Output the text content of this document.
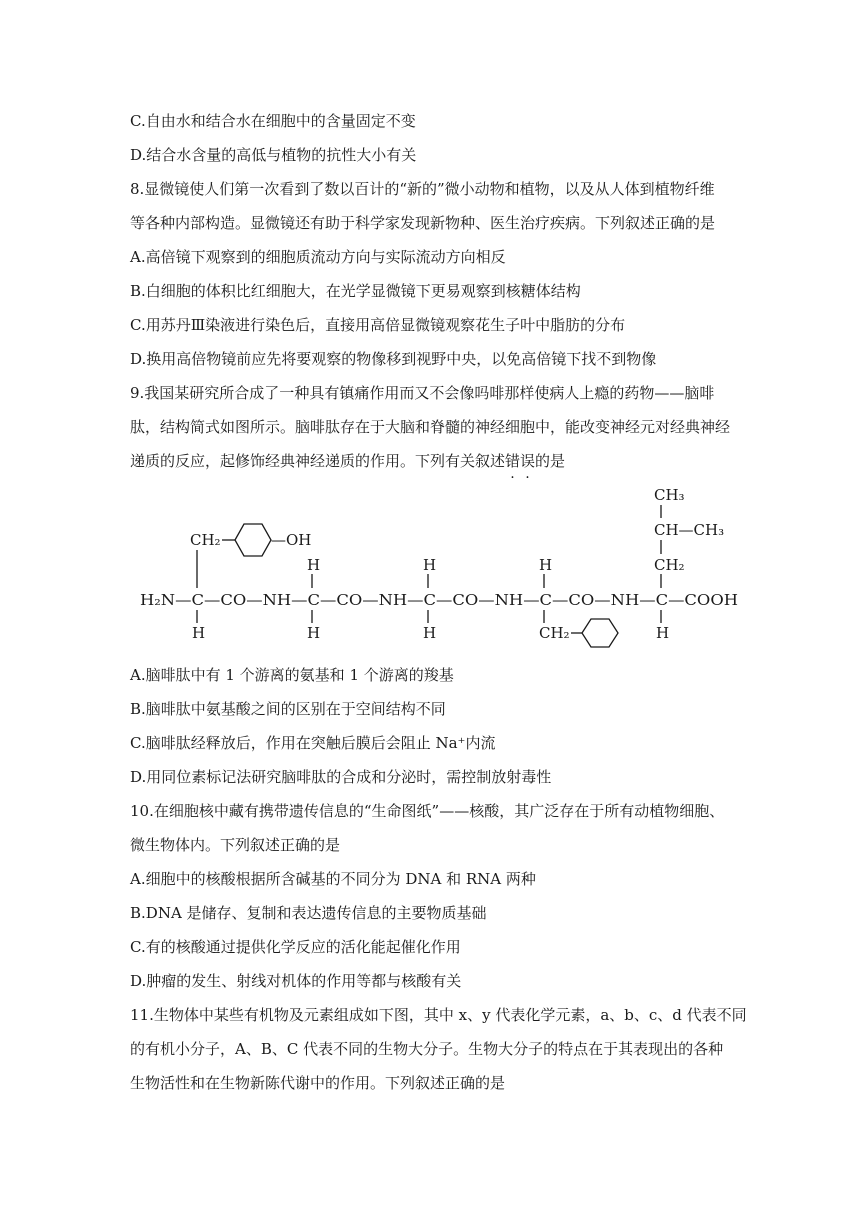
C.自由水和结合水在细胞中的含量固定不变
D.结合水含量的高低与植物的抗性大小有关
8.显微镜使人们第一次看到了数以百计的“新的”微小动物和植物，以及从人体到植物纤维
等各种内部构造。显微镜还有助于科学家发现新物种、医生治疗疾病。下列叙述正确的是
A.高倍镜下观察到的细胞质流动方向与实际流动方向相反
B.白细胞的体积比红细胞大，在光学显微镜下更易观察到核糖体结构
C.用苏丹Ⅲ染液进行染色后，直接用高倍显微镜观察花生子叶中脂肪的分布
D.换用高倍物镜前应先将要观察的物像移到视野中央，以免高倍镜下找不到物像
9.我国某研究所合成了一种具有镇痛作用而又不会像吗啡那样使病人上瘾的药物——脑啡
肽，结构简式如图所示。脑啡肽存在于大脑和脊髓的神经细胞中，能改变神经元对经典神经
递质的反应，起修饰经典神经递质的作用。下列有关叙述错误的是
CH₃
CH—CH₃
CH₂
CH₂	—OH
H	H	H
H₂N—C—CO—NH—C—CO—NH—C—CO—NH—C—CO—NH—C—COOH
H	H	H	CH₂	H
A.脑啡肽中有 1 个游离的氨基和 1 个游离的羧基
B.脑啡肽中氨基酸之间的区别在于空间结构不同
C.脑啡肽经释放后，作用在突触后膜后会阻止 Na⁺内流
D.用同位素标记法研究脑啡肽的合成和分泌时，需控制放射毒性
10.在细胞核中藏有携带遗传信息的“生命图纸”——核酸，其广泛存在于所有动植物细胞、
微生物体内。下列叙述正确的是
A.细胞中的核酸根据所含碱基的不同分为 DNA 和 RNA 两种
B.DNA 是储存、复制和表达遗传信息的主要物质基础
C.有的核酸通过提供化学反应的活化能起催化作用
D.肿瘤的发生、射线对机体的作用等都与核酸有关
11.生物体中某些有机物及元素组成如下图，其中 x、y 代表化学元素，a、b、c、d 代表不同
的有机小分子，A、B、C 代表不同的生物大分子。生物大分子的特点在于其表现出的各种
生物活性和在生物新陈代谢中的作用。下列叙述正确的是
